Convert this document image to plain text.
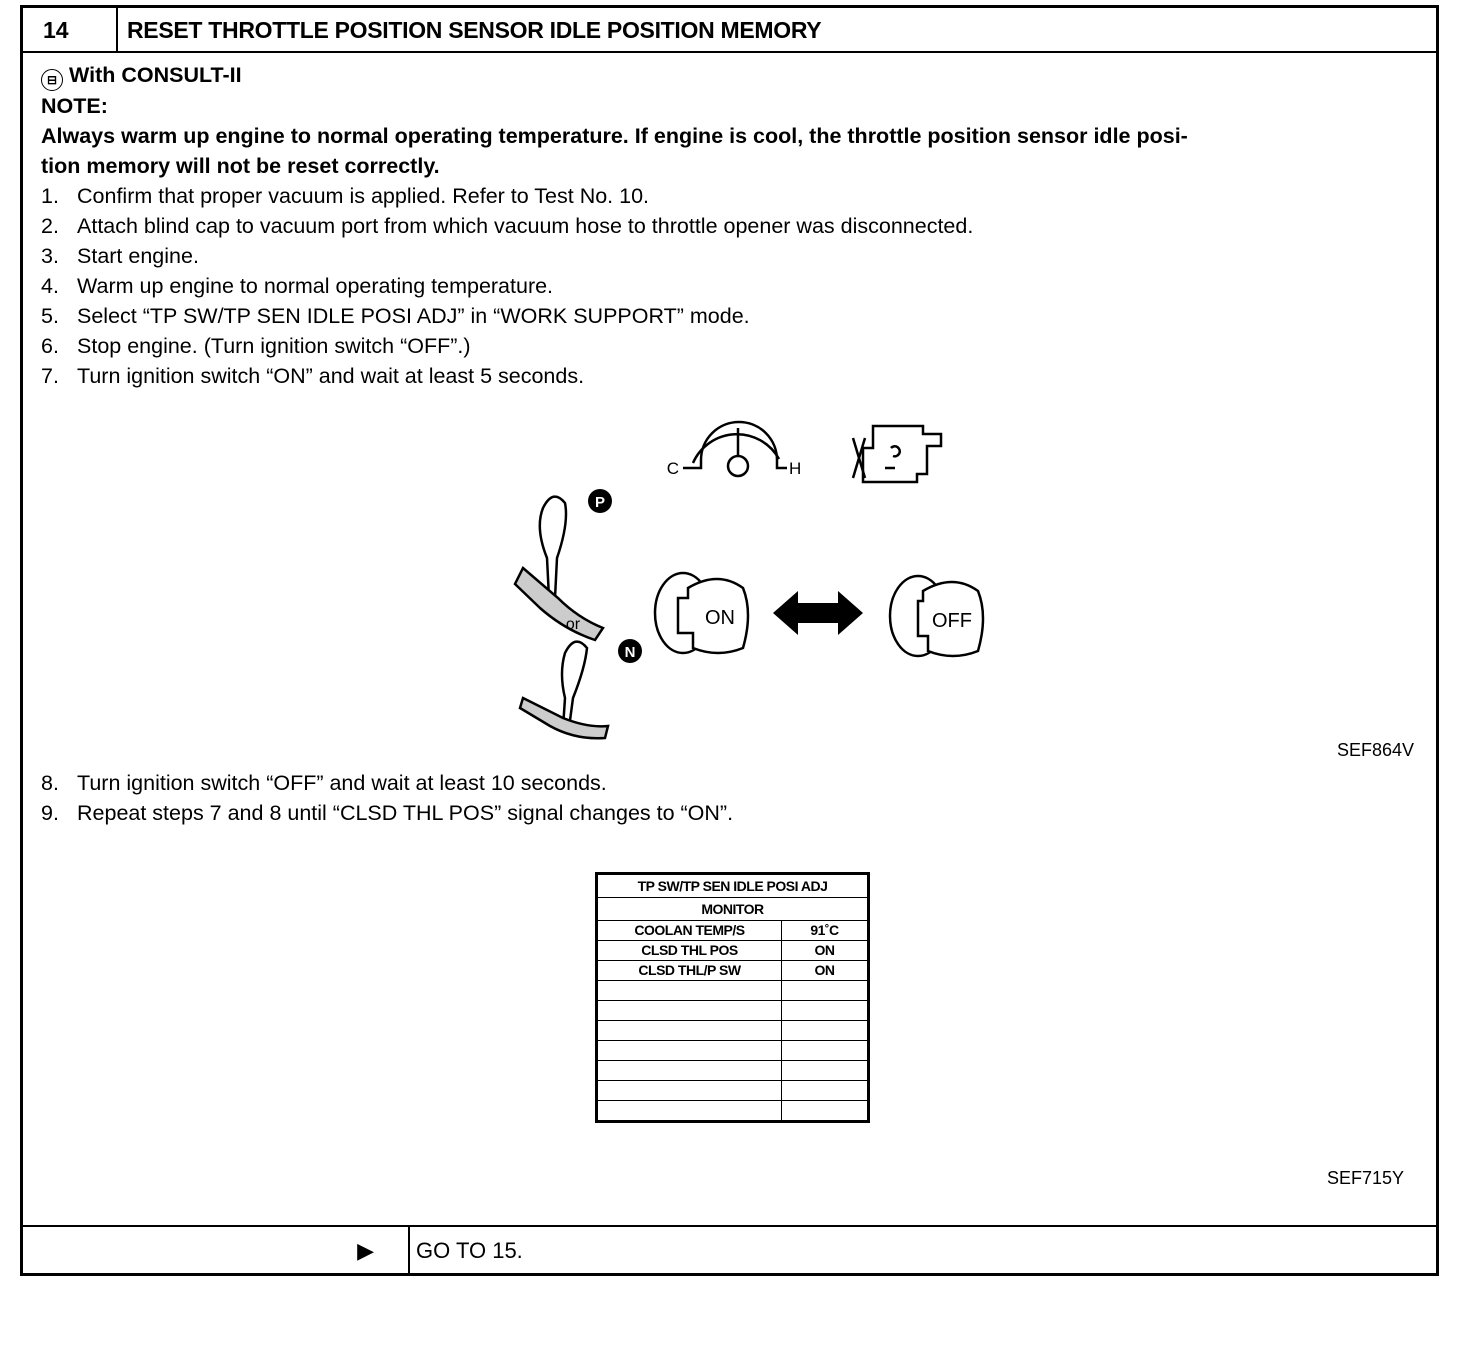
14	RESET THROTTLE POSITION SENSOR IDLE POSITION MEMORY
⊟ With CONSULT-II
NOTE:
Always warm up engine to normal operating temperature. If engine is cool, the throttle position sensor idle posi-
tion memory will not be reset correctly.
1. Confirm that proper vacuum is applied. Refer to Test No. 10.
2. Attach blind cap to vacuum port from which vacuum hose to throttle opener was disconnected.
3. Start engine.
4. Warm up engine to normal operating temperature.
5. Select “TP SW/TP SEN IDLE POSI ADJ” in “WORK SUPPORT” mode.
6. Stop engine. (Turn ignition switch “OFF”.)
7. Turn ignition switch “ON” and wait at least 5 seconds.
C	H
P
or
N
ON	OFF
SEF864V
8. Turn ignition switch “OFF” and wait at least 10 seconds.
9. Repeat steps 7 and 8 until “CLSD THL POS” signal changes to “ON”.
SEF715Y
▶ GO TO 15.
TP SW/TP SEN IDLE POSI ADJ	
MONITOR	
COOLAN TEMP/S	91˚C
CLSD THL POS	ON
CLSD THL/P SW	ON
